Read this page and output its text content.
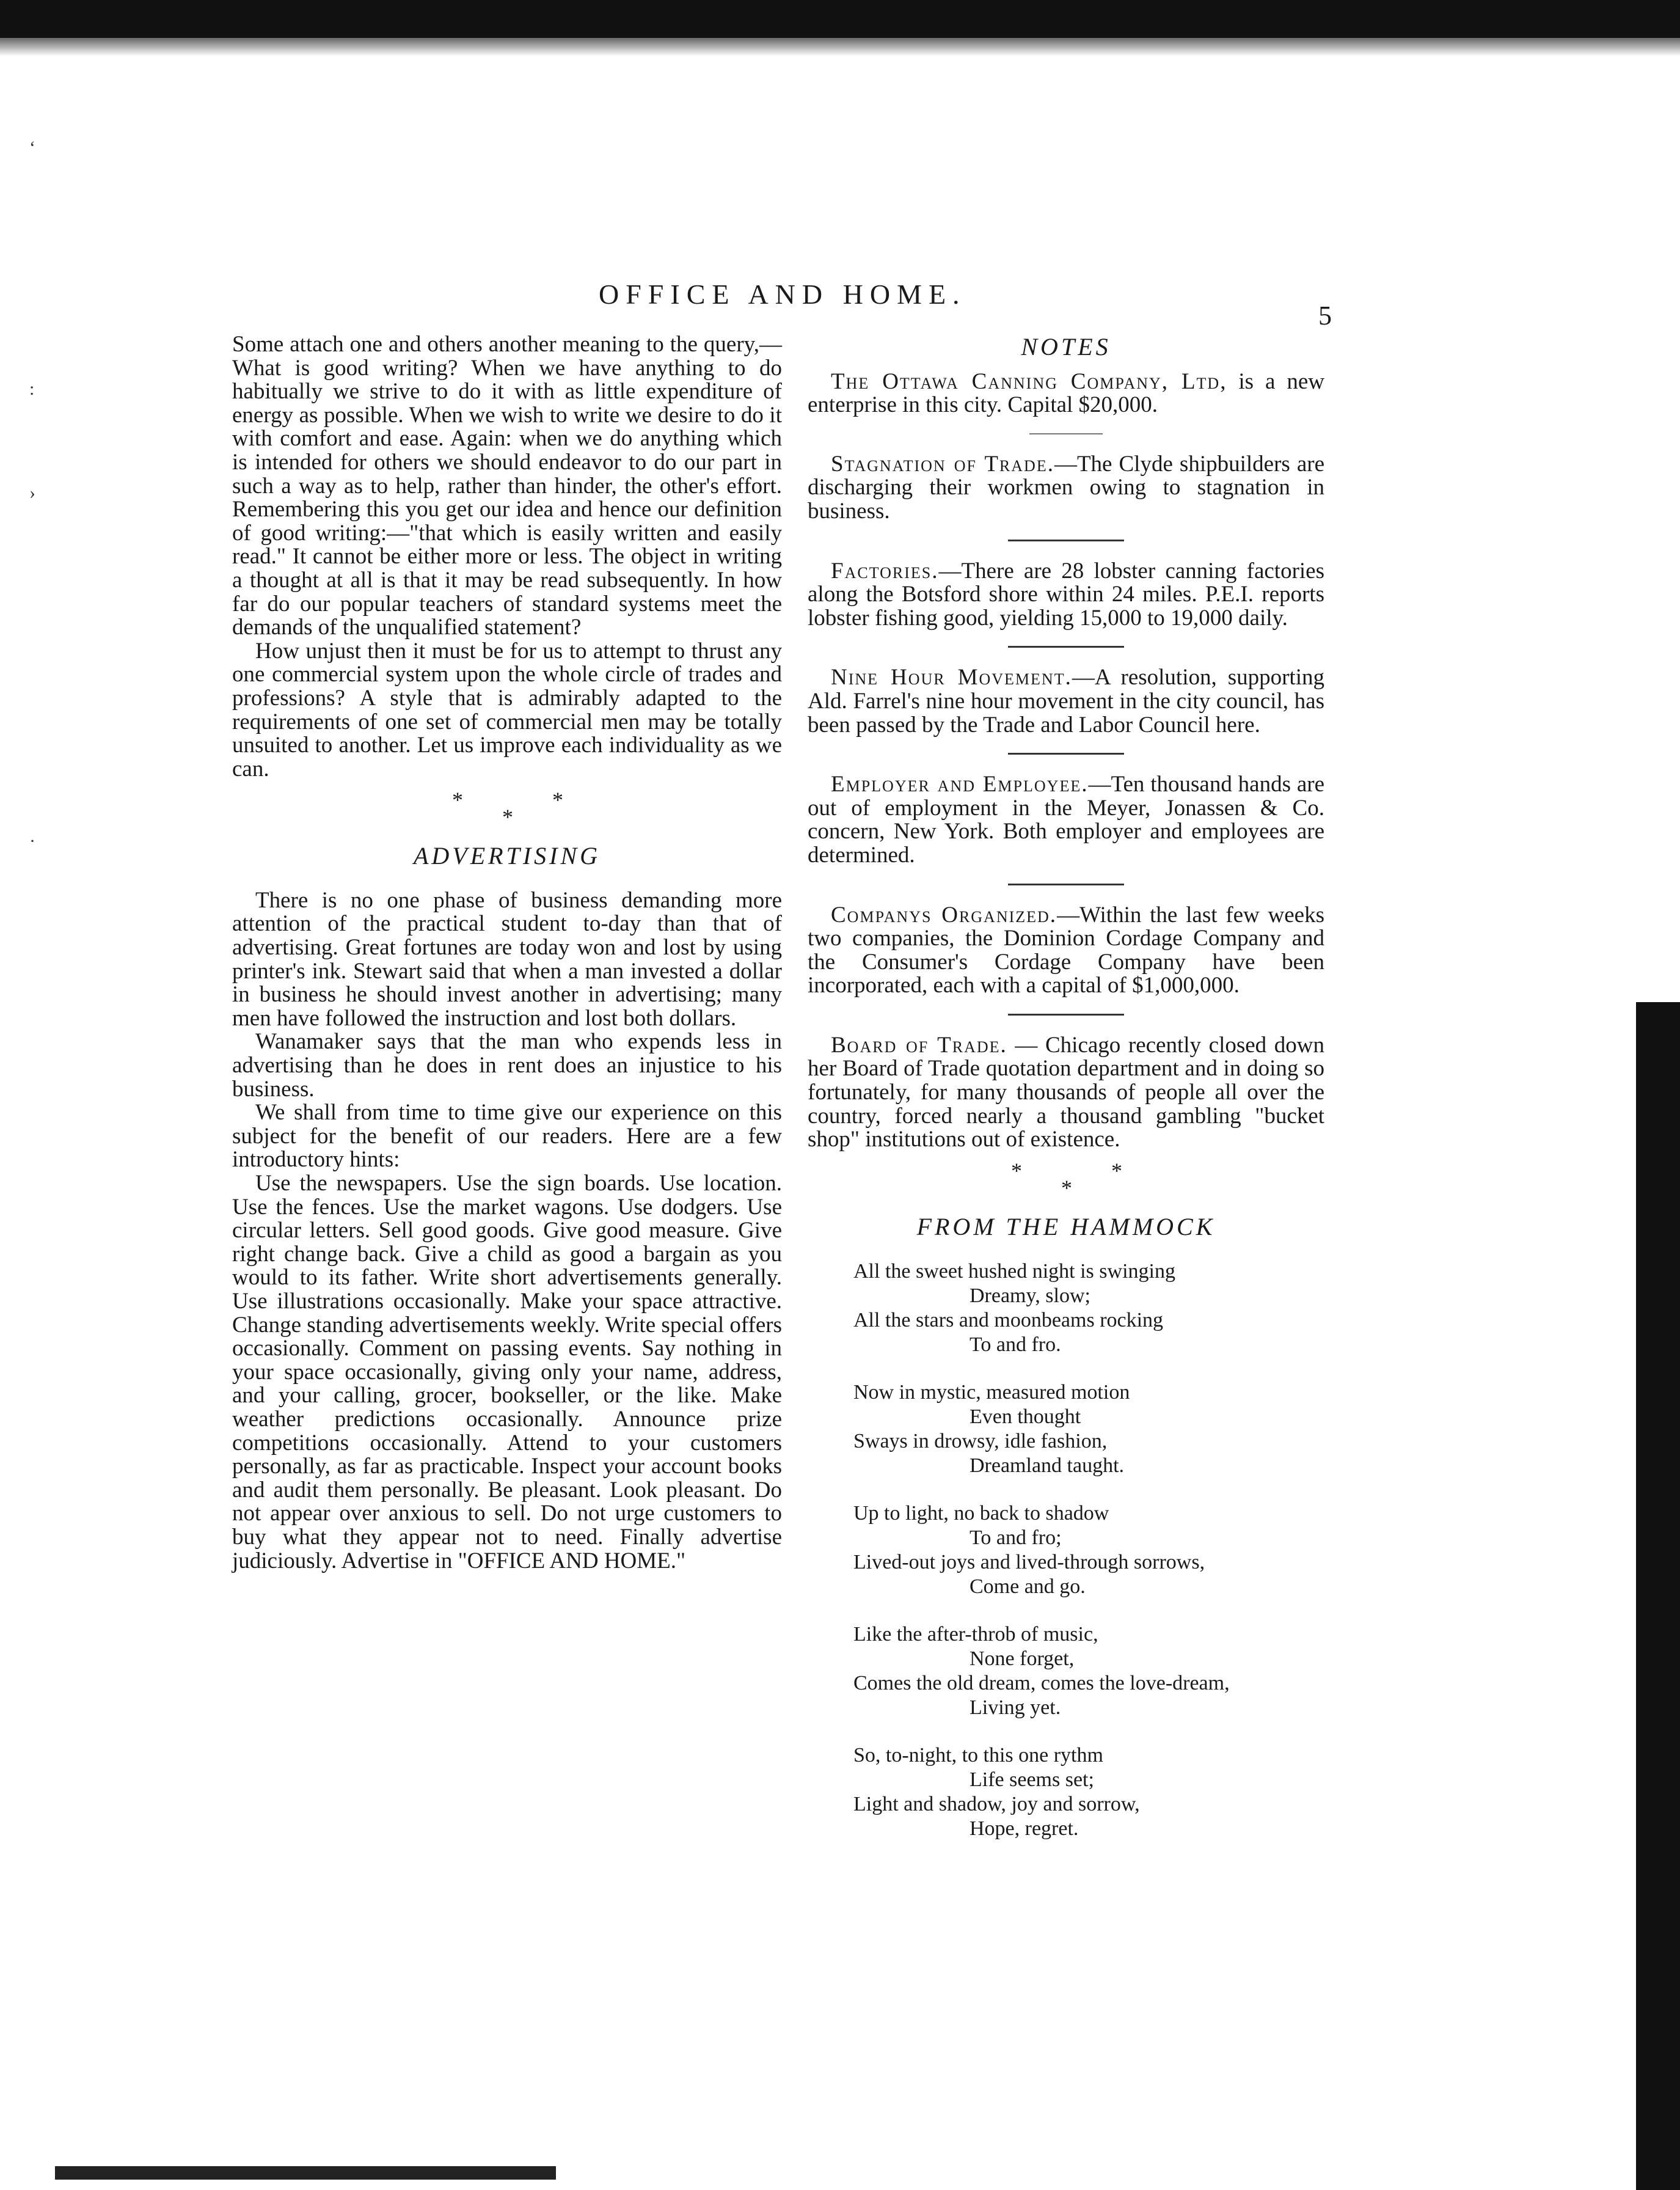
‘
:
›
·
OFFICE AND HOME.
5

Some attach one and others another meaning to the query,—What is good writing? When we have anything to do habitually we strive to do it with as little expenditure of energy as possible. When we wish to write we desire to do it with comfort and ease. Again: when we do anything which is intended for others we should endeavor to do our part in such a way as to help, rather than hinder, the other's effort. Remembering this you get our idea and hence our definition of good writing:—"that which is easily written and easily read." It cannot be either more or less. The object in writing a thought at all is that it may be read subsequently. In how far do our popular teachers of standard systems meet the demands of the unqualified statement?

How unjust then it must be for us to attempt to thrust any one commercial system upon the whole circle of trades and professions? A style that is admirably adapted to the requirements of one set of commercial men may be totally unsuited to another. Let us improve each individuality as we can.

*
*
*
ADVERTISING

There is no one phase of business demanding more attention of the practical student to-day than that of advertising. Great fortunes are today won and lost by using printer's ink. Stewart said that when a man invested a dollar in business he should invest another in advertising; many men have followed the instruction and lost both dollars.

Wanamaker says that the man who expends less in advertising than he does in rent does an injustice to his business.

We shall from time to time give our experience on this subject for the benefit of our readers. Here are a few introductory hints:

Use the newspapers. Use the sign boards. Use location. Use the fences. Use the market wagons. Use dodgers. Use circular letters. Sell good goods. Give good measure. Give right change back. Give a child as good a bargain as you would to its father. Write short advertisements generally. Use illustrations occasionally. Make your space attractive. Change standing advertisements weekly. Write special offers occasionally. Comment on passing events. Say nothing in your space occasionally, giving only your name, address, and your calling, grocer, bookseller, or the like. Make weather predictions occasionally. Announce prize competitions occasionally. Attend to your customers personally, as far as practicable. Inspect your account books and audit them personally. Be pleasant. Look pleasant. Do not appear over anxious to sell. Do not urge customers to buy what they appear not to need. Finally advertise judiciously. Advertise in "OFFICE AND HOME."

NOTES

The Ottawa Canning Company, Ltd, is a new enterprise in this city. Capital $20,000.

Stagnation of Trade.—The Clyde shipbuilders are discharging their workmen owing to stagnation in business.

Factories.—There are 28 lobster canning factories along the Botsford shore within 24 miles. P.E.I. reports lobster fishing good, yielding 15,000 to 19,000 daily.

Nine Hour Movement.—A resolution, supporting Ald. Farrel's nine hour movement in the city council, has been passed by the Trade and Labor Council here.

Employer and Employee.—Ten thousand hands are out of employment in the Meyer, Jonassen & Co. concern, New York. Both employer and employees are determined.

Companys Organized.—Within the last few weeks two companies, the Dominion Cordage Company and the Consumer's Cordage Company have been incorporated, each with a capital of $1,000,000.

Board of Trade. — Chicago recently closed down her Board of Trade quotation department and in doing so fortunately, for many thousands of people all over the country, forced nearly a thousand gambling "bucket shop" institutions out of existence.

*
*
*
FROM THE HAMMOCK
All the sweet hushed night is swinging
Dreamy, slow;
All the stars and moonbeams rocking
To and fro.
Now in mystic, measured motion
Even thought
Sways in drowsy, idle fashion,
Dreamland taught.
Up to light, no back to shadow
To and fro;
Lived-out joys and lived-through sorrows,
Come and go.
Like the after-throb of music,
None forget,
Comes the old dream, comes the love-dream,
Living yet.
So, to-night, to this one rythm
Life seems set;
Light and shadow, joy and sorrow,
Hope, regret.
